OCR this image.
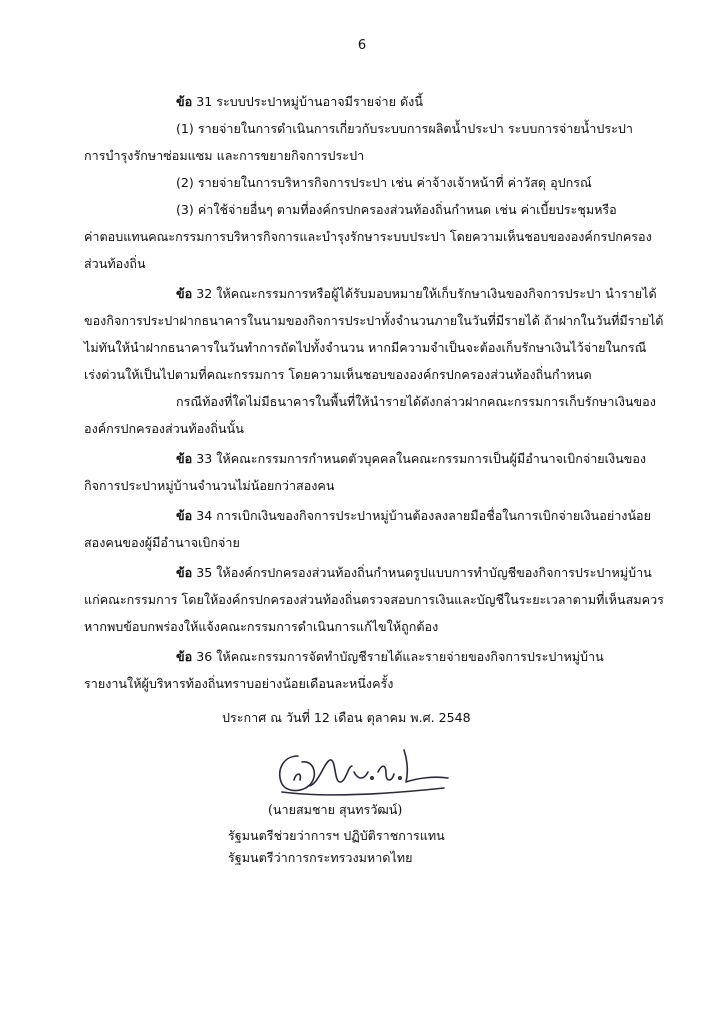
6
ข้อ 31 ระบบประปาหมู่บ้านอาจมีรายจ่าย ดังนี้
(1) รายจ่ายในการดำเนินการเกี่ยวกับระบบการผลิตน้ำประปา ระบบการจ่ายน้ำประปา
การบำรุงรักษาซ่อมแซม และการขยายกิจการประปา
(2) รายจ่ายในการบริหารกิจการประปา เช่น ค่าจ้างเจ้าหน้าที่ ค่าวัสดุ อุปกรณ์
(3) ค่าใช้จ่ายอื่นๆ ตามที่องค์กรปกครองส่วนท้องถิ่นกำหนด เช่น ค่าเบี้ยประชุมหรือ
ค่าตอบแทนคณะกรรมการบริหารกิจการและบำรุงรักษาระบบประปา โดยความเห็นชอบขององค์กรปกครอง
ส่วนท้องถิ่น
ข้อ 32 ให้คณะกรรมการหรือผู้ได้รับมอบหมายให้เก็บรักษาเงินของกิจการประปา นำรายได้
ของกิจการประปาฝากธนาคารในนามของกิจการประปาทั้งจำนวนภายในวันที่มีรายได้ ถ้าฝากในวันที่มีรายได้
ไม่ทันให้นำฝากธนาคารในวันทำการถัดไปทั้งจำนวน หากมีความจำเป็นจะต้องเก็บรักษาเงินไว้จ่ายในกรณี
เร่งด่วนให้เป็นไปตามที่คณะกรรมการ โดยความเห็นชอบขององค์กรปกครองส่วนท้องถิ่นกำหนด
กรณีท้องที่ใดไม่มีธนาคารในพื้นที่ให้นำรายได้ดังกล่าวฝากคณะกรรมการเก็บรักษาเงินของ
องค์กรปกครองส่วนท้องถิ่นนั้น
ข้อ 33 ให้คณะกรรมการกำหนดตัวบุคคลในคณะกรรมการเป็นผู้มีอำนาจเบิกจ่ายเงินของ
กิจการประปาหมู่บ้านจำนวนไม่น้อยกว่าสองคน
ข้อ 34 การเบิกเงินของกิจการประปาหมู่บ้านต้องลงลายมือชื่อในการเบิกจ่ายเงินอย่างน้อย
สองคนของผู้มีอำนาจเบิกจ่าย
ข้อ 35 ให้องค์กรปกครองส่วนท้องถิ่นกำหนดรูปแบบการทำบัญชีของกิจการประปาหมู่บ้าน
แก่คณะกรรมการ โดยให้องค์กรปกครองส่วนท้องถิ่นตรวจสอบการเงินและบัญชีในระยะเวลาตามที่เห็นสมควร
หากพบข้อบกพร่องให้แจ้งคณะกรรมการดำเนินการแก้ไขให้ถูกต้อง
ข้อ 36 ให้คณะกรรมการจัดทำบัญชีรายได้และรายจ่ายของกิจการประปาหมู่บ้าน
รายงานให้ผู้บริหารท้องถิ่นทราบอย่างน้อยเดือนละหนึ่งครั้ง
ประกาศ ณ วันที่ 12 เดือน ตุลาคม พ.ศ. 2548
(นายสมชาย สุนทรวัฒน์)
รัฐมนตรีช่วยว่าการฯ ปฏิบัติราชการแทน
รัฐมนตรีว่าการกระทรวงมหาดไทย
